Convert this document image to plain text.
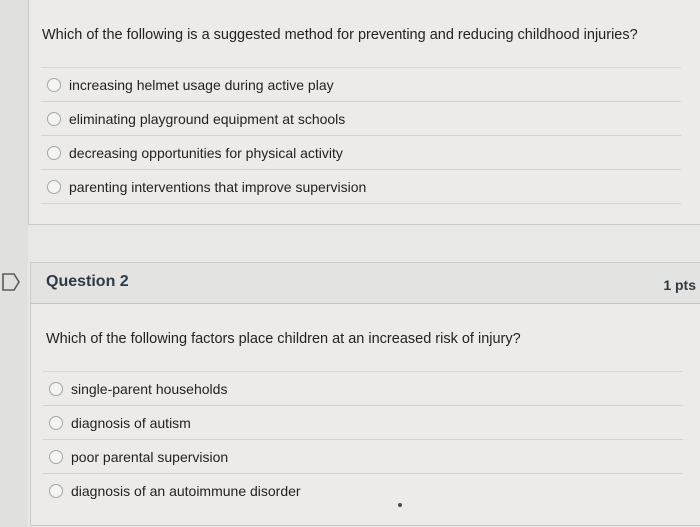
Which of the following is a suggested method for preventing and reducing childhood injuries?
increasing helmet usage during active play
eliminating playground equipment at schools
decreasing opportunities for physical activity
parenting interventions that improve supervision
Question 2	1 pts
Which of the following factors place children at an increased risk of injury?
single-parent households
diagnosis of autism
poor parental supervision
diagnosis of an autoimmune disorder
